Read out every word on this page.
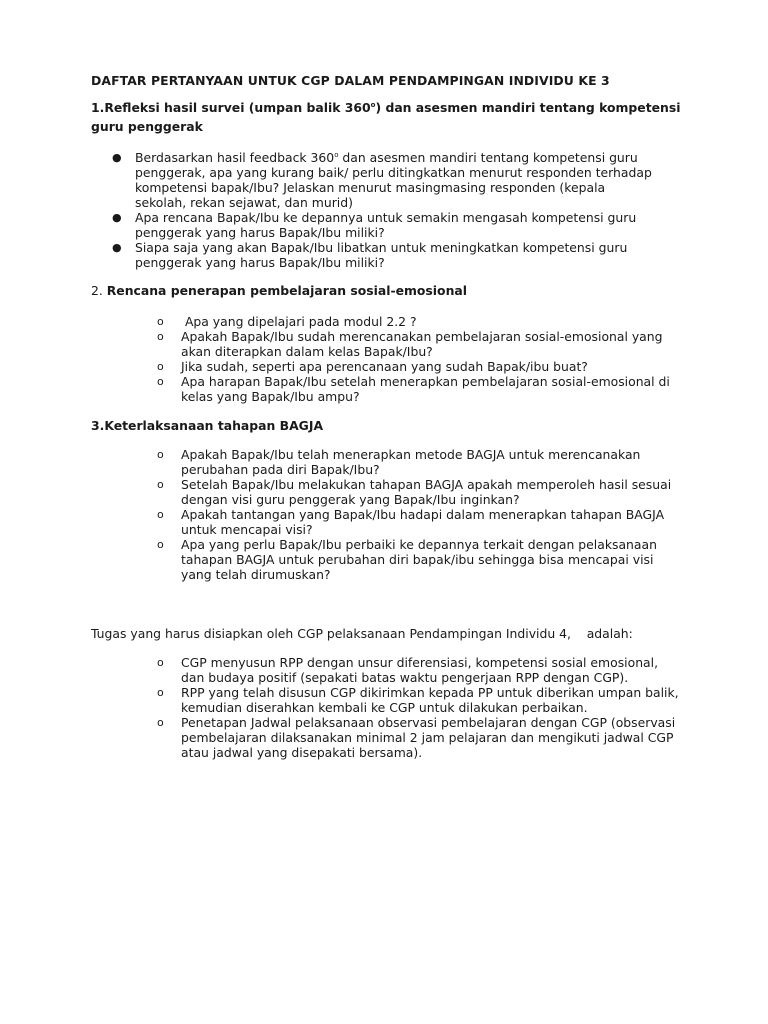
DAFTAR PERTANYAAN UNTUK CGP DALAM PENDAMPINGAN INDIVIDU KE 3
1.Refleksi hasil survei (umpan balik 360$^o$) dan asesmen mandiri tentang kompetensi guru penggerak
● Berdasarkan hasil feedback 360$^o$ dan asesmen mandiri tentang kompetensi guru penggerak, apa yang kurang baik/ perlu ditingkatkan menurut responden terhadap kompetensi bapak/Ibu? Jelaskan menurut masingmasing responden (kepala sekolah, rekan sejawat, dan murid)
● Apa rencana Bapak/Ibu ke depannya untuk semakin mengasah kompetensi guru penggerak yang harus Bapak/Ibu miliki?
● Siapa saja yang akan Bapak/Ibu libatkan untuk meningkatkan kompetensi guru penggerak yang harus Bapak/Ibu miliki?
2. Rencana penerapan pembelajaran sosial-emosional
o Apa yang dipelajari pada modul 2.2 ?
o Apakah Bapak/Ibu sudah merencanakan pembelajaran sosial-emosional yang akan diterapkan dalam kelas Bapak/Ibu?
o Jika sudah, seperti apa perencanaan yang sudah Bapak/ibu buat?
o Apa harapan Bapak/Ibu setelah menerapkan pembelajaran sosial-emosional di kelas yang Bapak/Ibu ampu?
3.Keterlaksanaan tahapan BAGJA
o Apakah Bapak/Ibu telah menerapkan metode BAGJA untuk merencanakan perubahan pada diri Bapak/Ibu?
o Setelah Bapak/Ibu melakukan tahapan BAGJA apakah memperoleh hasil sesuai dengan visi guru penggerak yang Bapak/Ibu inginkan?
o Apakah tantangan yang Bapak/Ibu hadapi dalam menerapkan tahapan BAGJA untuk mencapai visi?
o Apa yang perlu Bapak/Ibu perbaiki ke depannya terkait dengan pelaksanaan tahapan BAGJA untuk perubahan diri bapak/ibu sehingga bisa mencapai visi yang telah dirumuskan?
Tugas yang harus disiapkan oleh CGP pelaksanaan Pendampingan Individu 4,    adalah:
o CGP menyusun RPP dengan unsur diferensiasi, kompetensi sosial emosional, dan budaya positif (sepakati batas waktu pengerjaan RPP dengan CGP).
o RPP yang telah disusun CGP dikirimkan kepada PP untuk diberikan umpan balik, kemudian diserahkan kembali ke CGP untuk dilakukan perbaikan.
o Penetapan Jadwal pelaksanaan observasi pembelajaran dengan CGP (observasi pembelajaran dilaksanakan minimal 2 jam pelajaran dan mengikuti jadwal CGP atau jadwal yang disepakati bersama).
